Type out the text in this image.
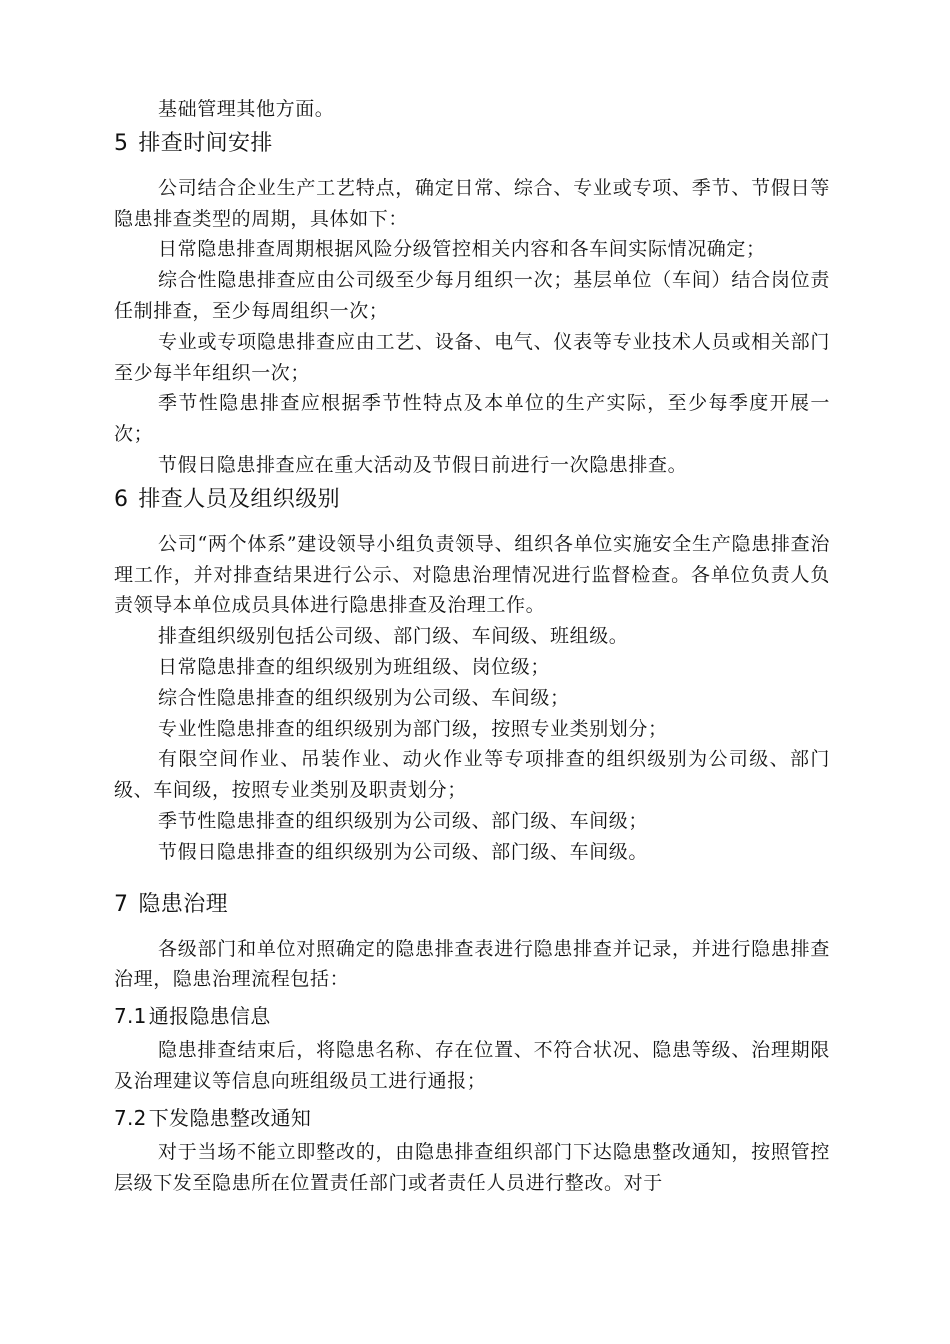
基础管理其他方面。

5 排查时间安排

公司结合企业生产工艺特点，确定日常、综合、专业或专项、季节、节假日等隐患排查类型的周期，具体如下：

日常隐患排查周期根据风险分级管控相关内容和各车间实际情况确定；

综合性隐患排查应由公司级至少每月组织一次；基层单位（车间）结合岗位责任制排查，至少每周组织一次；

专业或专项隐患排查应由工艺、设备、电气、仪表等专业技术人员或相关部门至少每半年组织一次；

季节性隐患排查应根据季节性特点及本单位的生产实际，至少每季度开展一次；

节假日隐患排查应在重大活动及节假日前进行一次隐患排查。

6 排查人员及组织级别

公司“两个体系”建设领导小组负责领导、组织各单位实施安全生产隐患排查治理工作，并对排查结果进行公示、对隐患治理情况进行监督检查。各单位负责人负责领导本单位成员具体进行隐患排查及治理工作。

排查组织级别包括公司级、部门级、车间级、班组级。

日常隐患排查的组织级别为班组级、岗位级；

综合性隐患排查的组织级别为公司级、车间级；

专业性隐患排查的组织级别为部门级，按照专业类别划分；

有限空间作业、吊装作业、动火作业等专项排查的组织级别为公司级、部门级、车间级，按照专业类别及职责划分；

季节性隐患排查的组织级别为公司级、部门级、车间级；

节假日隐患排查的组织级别为公司级、部门级、车间级。

7 隐患治理

各级部门和单位对照确定的隐患排查表进行隐患排查并记录，并进行隐患排查治理，隐患治理流程包括：

7.1 通报隐患信息

隐患排查结束后，将隐患名称、存在位置、不符合状况、隐患等级、治理期限及治理建议等信息向班组级员工进行通报；

7.2 下发隐患整改通知

对于当场不能立即整改的，由隐患排查组织部门下达隐患整改通知，按照管控层级下发至隐患所在位置责任部门或者责任人员进行整改。对于
